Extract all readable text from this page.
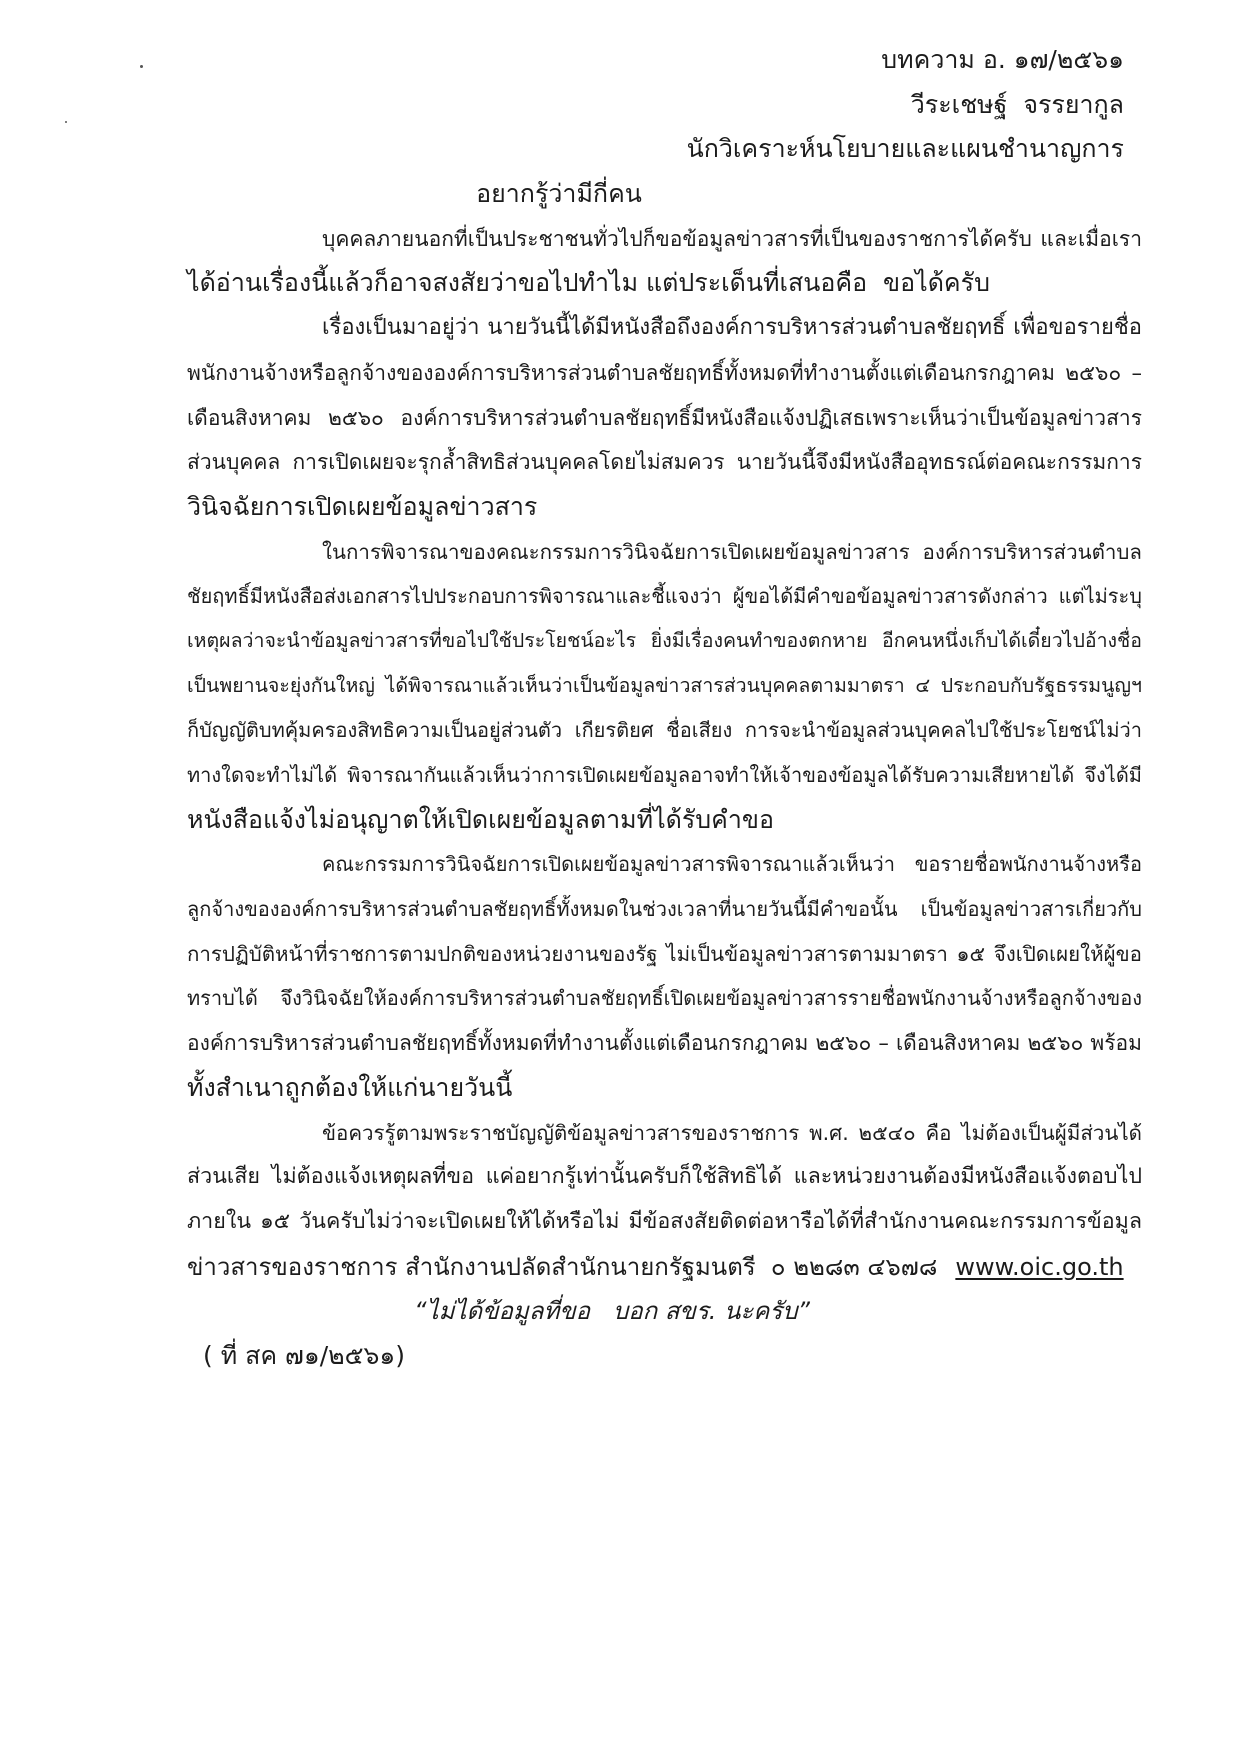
บทความ อ. ๑๗/๒๕๖๑
วีระเชษฐ์  จรรยากูล
นักวิเคราะห์นโยบายและแผนชำนาญการ
อยากรู้ว่ามีกี่คน
บุคคลภายนอกที่เป็นประชาชนทั่วไปก็ขอข้อมูลข่าวสารที่เป็นของราชการได้ครับ และเมื่อเรา
ได้อ่านเรื่องนี้แล้วก็อาจสงสัยว่าขอไปทำไม แต่ประเด็นที่เสนอคือ  ขอได้ครับ
เรื่องเป็นมาอยู่ว่า นายวันนี้ได้มีหนังสือถึงองค์การบริหารส่วนตำบลชัยฤทธิ์ เพื่อขอรายชื่อ
พนักงานจ้างหรือลูกจ้างขององค์การบริหารส่วนตำบลชัยฤทธิ์ทั้งหมดที่ทำงานตั้งแต่เดือนกรกฎาคม ๒๕๖๐ –
เดือนสิงหาคม ๒๕๖๐ องค์การบริหารส่วนตำบลชัยฤทธิ์มีหนังสือแจ้งปฏิเสธเพราะเห็นว่าเป็นข้อมูลข่าวสาร
ส่วนบุคคล การเปิดเผยจะรุกล้ำสิทธิส่วนบุคคลโดยไม่สมควร นายวันนี้จึงมีหนังสืออุทธรณ์ต่อคณะกรรมการ
วินิจฉัยการเปิดเผยข้อมูลข่าวสาร
ในการพิจารณาของคณะกรรมการวินิจฉัยการเปิดเผยข้อมูลข่าวสาร องค์การบริหารส่วนตำบล
ชัยฤทธิ์มีหนังสือส่งเอกสารไปประกอบการพิจารณาและชี้แจงว่า ผู้ขอได้มีคำขอข้อมูลข่าวสารดังกล่าว แต่ไม่ระบุ
เหตุผลว่าจะนำข้อมูลข่าวสารที่ขอไปใช้ประโยชน์อะไร ยิ่งมีเรื่องคนทำของตกหาย อีกคนหนึ่งเก็บได้เดี๋ยวไปอ้างชื่อ
เป็นพยานจะยุ่งกันใหญ่ ได้พิจารณาแล้วเห็นว่าเป็นข้อมูลข่าวสารส่วนบุคคลตามมาตรา ๔ ประกอบกับรัฐธรรมนูญฯ
ก็บัญญัติบทคุ้มครองสิทธิความเป็นอยู่ส่วนตัว เกียรติยศ ชื่อเสียง การจะนำข้อมูลส่วนบุคคลไปใช้ประโยชน์ไม่ว่า
ทางใดจะทำไม่ได้ พิจารณากันแล้วเห็นว่าการเปิดเผยข้อมูลอาจทำให้เจ้าของข้อมูลได้รับความเสียหายได้ จึงได้มี
หนังสือแจ้งไม่อนุญาตให้เปิดเผยข้อมูลตามที่ได้รับคำขอ
คณะกรรมการวินิจฉัยการเปิดเผยข้อมูลข่าวสารพิจารณาแล้วเห็นว่า ขอรายชื่อพนักงานจ้างหรือ
ลูกจ้างขององค์การบริหารส่วนตำบลชัยฤทธิ์ทั้งหมดในช่วงเวลาที่นายวันนี้มีคำขอนั้น เป็นข้อมูลข่าวสารเกี่ยวกับ
การปฏิบัติหน้าที่ราชการตามปกติของหน่วยงานของรัฐ ไม่เป็นข้อมูลข่าวสารตามมาตรา ๑๕ จึงเปิดเผยให้ผู้ขอ
ทราบได้ จึงวินิจฉัยให้องค์การบริหารส่วนตำบลชัยฤทธิ์เปิดเผยข้อมูลข่าวสารรายชื่อพนักงานจ้างหรือลูกจ้างของ
องค์การบริหารส่วนตำบลชัยฤทธิ์ทั้งหมดที่ทำงานตั้งแต่เดือนกรกฎาคม ๒๕๖๐ – เดือนสิงหาคม ๒๕๖๐ พร้อม
ทั้งสำเนาถูกต้องให้แก่นายวันนี้
ข้อควรรู้ตามพระราชบัญญัติข้อมูลข่าวสารของราชการ พ.ศ. ๒๕๔๐ คือ ไม่ต้องเป็นผู้มีส่วนได้
ส่วนเสีย ไม่ต้องแจ้งเหตุผลที่ขอ แค่อยากรู้เท่านั้นครับก็ใช้สิทธิได้ และหน่วยงานต้องมีหนังสือแจ้งตอบไป
ภายใน ๑๕ วันครับไม่ว่าจะเปิดเผยให้ได้หรือไม่ มีข้อสงสัยติดต่อหารือได้ที่สำนักงานคณะกรรมการข้อมูล
ข่าวสารของราชการ สำนักงานปลัดสำนักนายกรัฐมนตรี  ๐ ๒๒๘๓ ๔๖๗๘ www.oic.go.th
“ไม่ได้ข้อมูลที่ขอ   บอก สขร. นะครับ”
( ที่ สค ๗๑/๒๕๖๑)
